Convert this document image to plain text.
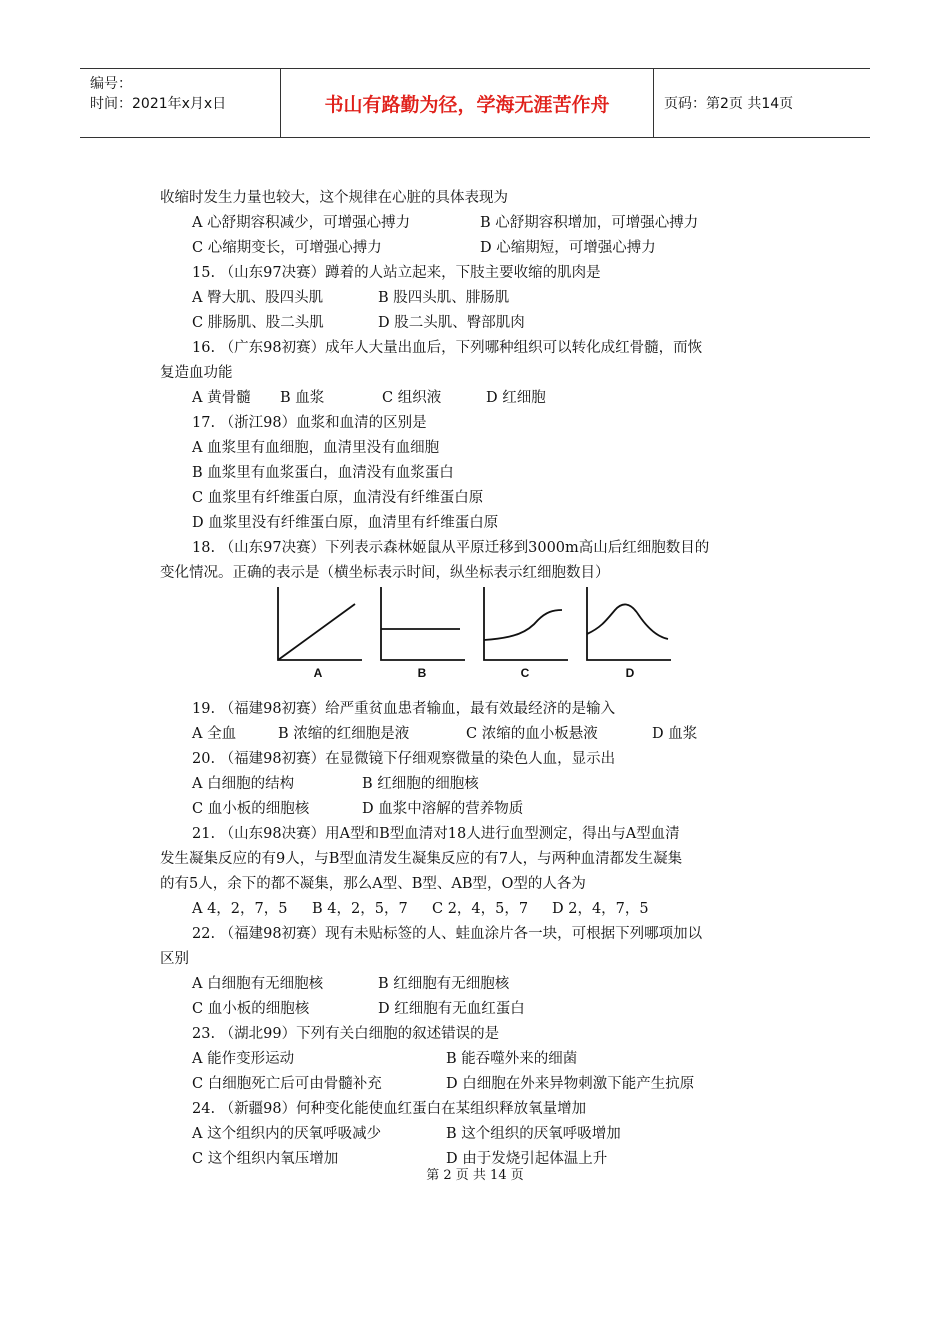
编号：
时间：2021年x月x日	书山有路勤为径，学海无涯苦作舟	页码：第2页 共14页
收缩时发生力量也较大，这个规律在心脏的具体表现为
A 心舒期容积减少，可增强心搏力	B 心舒期容积增加，可增强心搏力
C 心缩期变长，可增强心搏力	D 心缩期短，可增强心搏力
15. （山东97决赛）蹲着的人站立起来，下肢主要收缩的肌肉是
A 臀大肌、股四头肌	B 股四头肌、腓肠肌
C 腓肠肌、股二头肌	D 股二头肌、臀部肌肉
16. （广东98初赛）成年人大量出血后，下列哪种组织可以转化成红骨髓，而恢
复造血功能
A 黄骨髓	B 血浆	C 组织液	D 红细胞
17. （浙江98）血浆和血清的区别是
A 血浆里有血细胞，血清里没有血细胞
B 血浆里有血浆蛋白，血清没有血浆蛋白
C 血浆里有纤维蛋白原，血清没有纤维蛋白原
D 血浆里没有纤维蛋白原，血清里有纤维蛋白原
18. （山东97决赛）下列表示森林姬鼠从平原迁移到3000m高山后红细胞数目的
变化情况。正确的表示是（横坐标表示时间，纵坐标表示红细胞数目）
19. （福建98初赛）给严重贫血患者输血，最有效最经济的是输入
A 全血	B 浓缩的红细胞是液	C 浓缩的血小板悬液	D 血浆
20. （福建98初赛）在显微镜下仔细观察微量的染色人血，显示出
A 白细胞的结构	B 红细胞的细胞核
C 血小板的细胞核	D 血浆中溶解的营养物质
21. （山东98决赛）用A型和B型血清对18人进行血型测定，得出与A型血清
发生凝集反应的有9人，与B型血清发生凝集反应的有7人，与两种血清都发生凝集
的有5人，余下的都不凝集，那么A型、B型、AB型，O型的人各为
A 4，2，7，5	B 4，2，5，7	C 2，4，5，7	D 2，4，7，5
22. （福建98初赛）现有未贴标签的人、蛙血涂片各一块，可根据下列哪项加以
区别
A 白细胞有无细胞核	B 红细胞有无细胞核
C 血小板的细胞核	D 红细胞有无血红蛋白
23. （湖北99）下列有关白细胞的叙述错误的是
A 能作变形运动	B 能吞噬外来的细菌
C 白细胞死亡后可由骨髓补充	D 白细胞在外来异物刺激下能产生抗原
24. （新疆98）何种变化能使血红蛋白在某组织释放氧量增加
A 这个组织内的厌氧呼吸减少	B 这个组织的厌氧呼吸增加
C 这个组织内氧压增加	D 由于发烧引起体温上升
A	B	C	D
第 2 页 共 14 页
